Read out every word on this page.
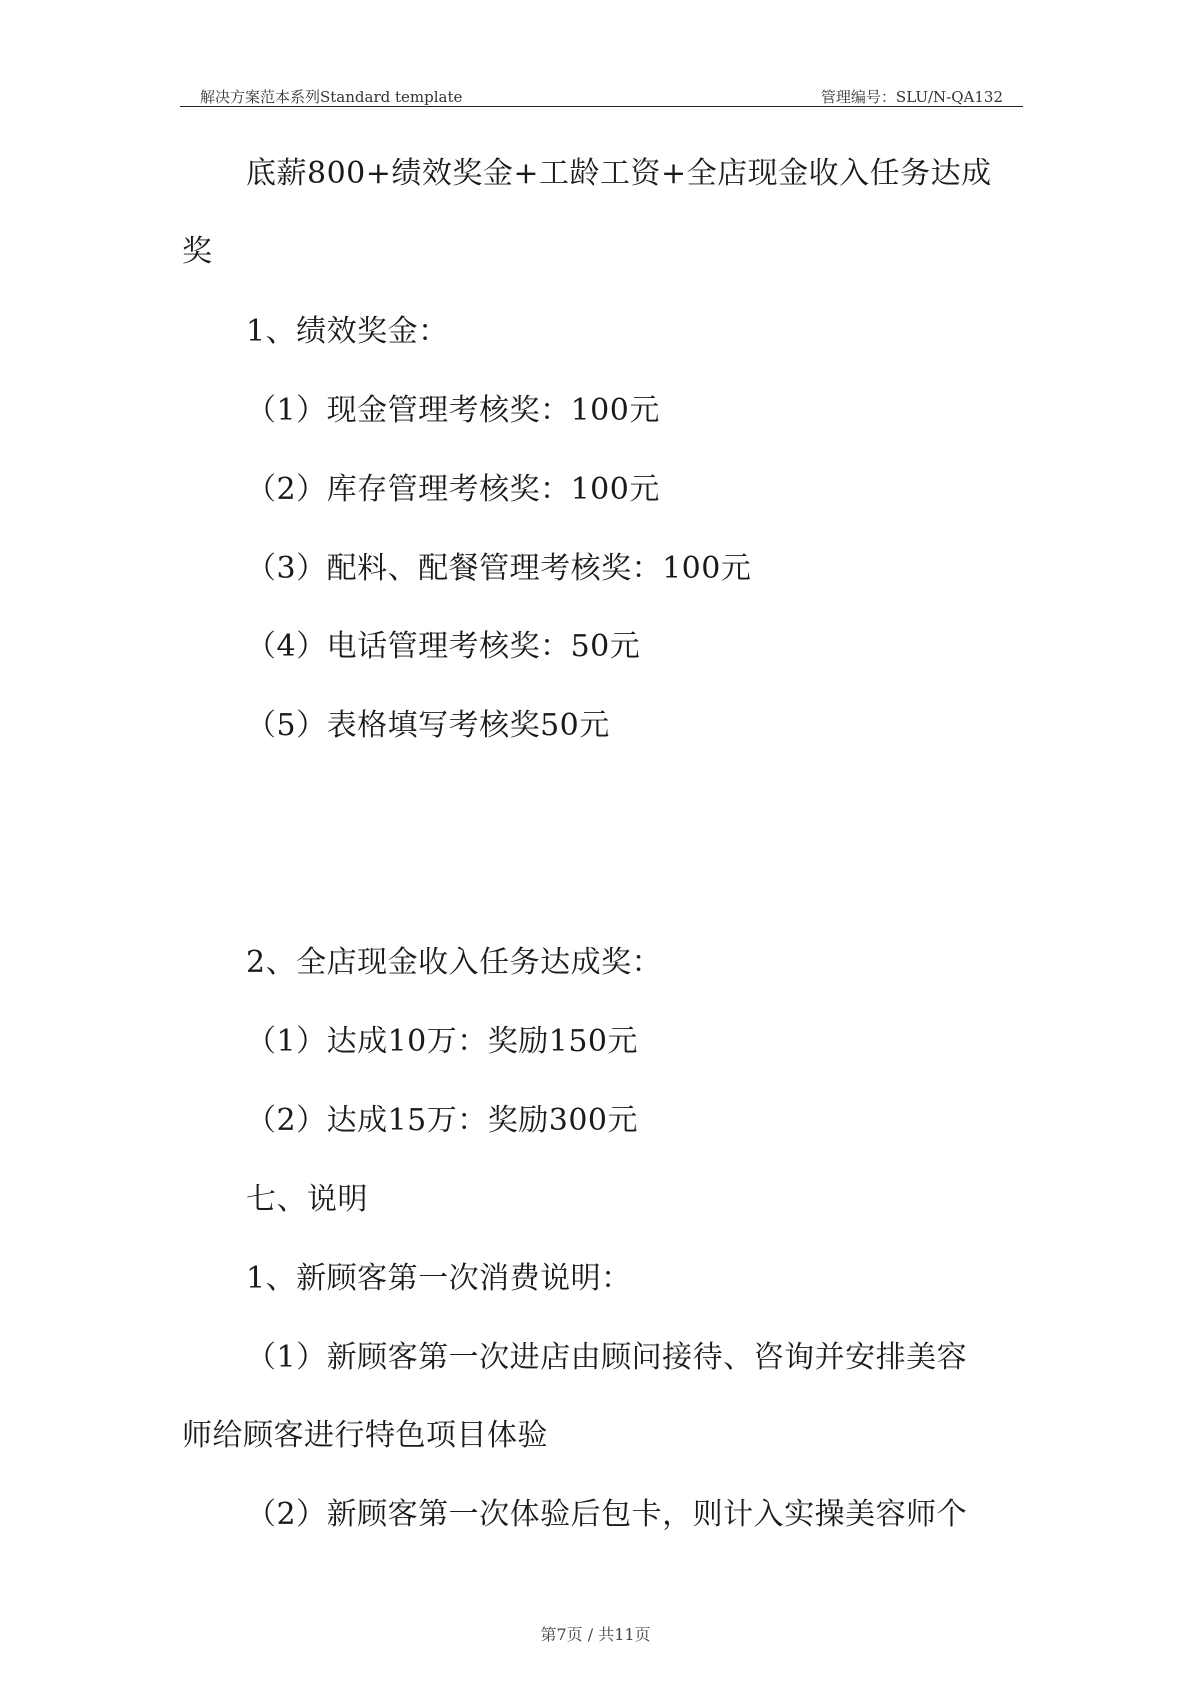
解决方案范本系列Standard template	管理编号：SLU/N-QA132
底薪800+绩效奖金+工龄工资+全店现金收入任务达成
奖
1、绩效奖金：
（1）现金管理考核奖：100元
（2）库存管理考核奖：100元
（3）配料、配餐管理考核奖：100元
（4）电话管理考核奖：50元
（5）表格填写考核奖50元
2、全店现金收入任务达成奖：
（1）达成10万：奖励150元
（2）达成15万：奖励300元
七、说明
1、新顾客第一次消费说明：
（1）新顾客第一次进店由顾问接待、咨询并安排美容
师给顾客进行特色项目体验
（2）新顾客第一次体验后包卡，则计入实操美容师个
第7页 / 共11页
